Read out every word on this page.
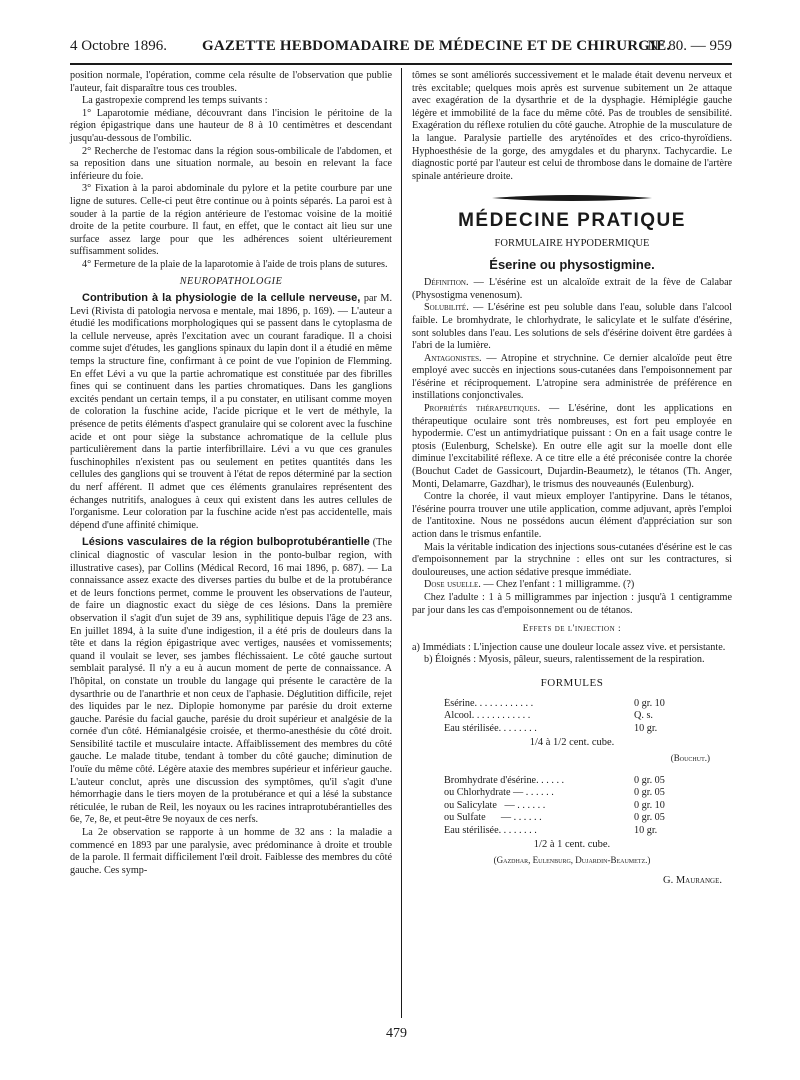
4 Octobre 1896. GAZETTE HEBDOMADAIRE DE MÉDECINE ET DE CHIRURGIE.
N° 80. — 959

position normale, l'opération, comme cela résulte de l'observation que publie l'auteur, fait disparaître tous ces troubles.

La gastropexie comprend les temps suivants :

1° Laparotomie médiane, découvrant dans l'incision le péritoine de la région épigastrique dans une hauteur de 8 à 10 centimètres et descendant jusqu'au-dessous de l'ombilic.

2° Recherche de l'estomac dans la région sous-ombilicale de l'abdomen, et sa reposition dans une situation normale, au besoin en relevant la face inférieure du foie.

3° Fixation à la paroi abdominale du pylore et la petite courbure par une ligne de sutures. Celle-ci peut être continue ou à points séparés. La paroi est à souder à la partie de la région antérieure de l'estomac voisine de la moitié droite de la petite courbure. Il faut, en effet, que le contact ait lieu sur une surface assez large pour que les adhérences soient ultérieurement suffisamment solides.

4° Fermeture de la plaie de la laparotomie à l'aide de trois plans de sutures.

NEUROPATHOLOGIE

Contribution à la physiologie de la cellule nerveuse, par M. Levi (Rivista di patologia nervosa e mentale, mai 1896, p. 169). — L'auteur a étudié les modifications morphologiques qui se passent dans le cytoplasma de la cellule nerveuse, après l'excitation avec un courant faradique. Il a choisi comme sujet d'études, les ganglions spinaux du lapin dont il a étudié en même temps la structure fine, confirmant à ce point de vue l'opinion de Flemming. En effet Lévi a vu que la partie achromatique est constituée par des fibrilles fines qui se continuent dans les parties chromatiques. Dans les ganglions excités pendant un certain temps, il a pu constater, en utilisant comme moyen de coloration la fuschine acide, l'acide picrique et le vert de méthyle, la présence de petits éléments d'aspect granulaire qui se colorent avec la fuschine acide et ont pour siège la substance achromatique de la cellule plus particulièrement dans la partie interfibrillaire. Lévi a vu que ces granules fuschinophiles n'existent pas ou seulement en petites quantités dans les cellules des ganglions qui se trouvent à l'état de repos déterminé par la section du nerf afférent. Il admet que ces éléments granulaires représentent des échanges nutritifs, analogues à ceux qui existent dans les autres cellules de l'organisme. Leur coloration par la fuschine acide n'est pas accidentelle, mais dépend d'une affinité chimique.

Lésions vasculaires de la région bulboprotubérantielle (The clinical diagnostic of vascular lesion in the ponto-bulbar region, with illustrative cases), par Collins (Médical Record, 16 mai 1896, p. 687). — La connaissance assez exacte des diverses parties du bulbe et de la protubérance et de leurs fonctions permet, comme le prouvent les observations de l'auteur, de faire un diagnostic exact du siège de ces lésions. Dans la première observation il s'agit d'un sujet de 39 ans, syphilitique depuis l'âge de 23 ans. En juillet 1894, à la suite d'une indigestion, il a été pris de douleurs dans la tête et dans la région épigastrique avec vertiges, nausées et vomissements; quand il voulait se lever, ses jambes fléchissaient. Le côté gauche surtout semblait paralysé. Il n'y a eu à aucun moment de perte de connaissance. A l'hôpital, on constate un trouble du langage qui présente le caractère de la dysarthrie ou de l'anarthrie et non ceux de l'aphasie. Déglutition difficile, rejet des liquides par le nez. Diplopie homonyme par parésie du droit externe gauche. Parésie du facial gauche, parésie du droit supérieur et analgésie de la cornée d'un côté. Hémianalgésie croisée, et thermo-anesthésie du côté droit. Sensibilité tactile et musculaire intacte. Affaiblissement des membres du côté gauche. Le malade titube, tendant à tomber du côté gauche; diminution de l'ouïe du même côté. Légère ataxie des membres supérieur et inférieur gauche. L'auteur conclut, après une discussion des symptômes, qu'il s'agit d'une hémorrhagie dans le tiers moyen de la protubérance et qui a lésé la substance réticulée, le ruban de Reil, les noyaux ou les racines intraprotubérantielles des 6e, 7e, 8e, et peut-être 9e noyaux de ces nerfs.

La 2e observation se rapporte à un homme de 32 ans : la maladie a commencé en 1893 par une paralysie, avec prédominance à droite et trouble de la parole. Il fermait difficilement l'œil droit. Faiblesse des membres du côté gauche. Ces symp-

tômes se sont améliorés successivement et le malade était devenu nerveux et très excitable; quelques mois après est survenue subitement un 2e attaque avec exagération de la dysarthrie et de la dysphagie. Hémiplégie gauche légère et immobilité de la face du même côté. Pas de troubles de sensibilité. Exagération du réflexe rotulien du côté gauche. Atrophie de la musculature de la langue. Paralysie partielle des aryténoïdes et des crico-thyroïdiens. Hyphoesthésie de la gorge, des amygdales et du pharynx. Tachycardie. Le diagnostic porté par l'auteur est celui de thrombose dans le domaine de l'artère spinale antérieure droite.

MÉDECINE PRATIQUE
FORMULAIRE HYPODERMIQUE
Éserine ou physostigmine.

Définition. — L'ésérine est un alcaloïde extrait de la fève de Calabar (Physostigma venenosum).

Solubilité. — L'ésérine est peu soluble dans l'eau, soluble dans l'alcool faible. Le bromhydrate, le chlorhydrate, le salicylate et le sulfate d'ésérine, sont solubles dans l'eau. Les solutions de sels d'ésérine doivent être gardées à l'abri de la lumière.

Antagonistes. — Atropine et strychnine. Ce dernier alcaloïde peut être employé avec succès en injections sous-cutanées dans l'empoisonnement par l'ésérine et réciproquement. L'atropine sera administrée de préférence en instillations conjonctivales.

Propriétés thérapeutiques. — L'ésérine, dont les applications en thérapeutique oculaire sont très nombreuses, est fort peu employée en hypodermie. C'est un antimydriatique puissant : On en a fait usage contre le ptosis (Eulenburg, Schelske). En outre elle agit sur la moelle dont elle diminue l'excitabilité réflexe. A ce titre elle a été préconisée contre la chorée (Bouchut Cadet de Gassicourt, Dujardin-Beaumetz), le tétanos (Th. Anger, Monti, Delamarre, Gazdhar), le trismus des nouveaunés (Eulenburg).

Contre la chorée, il vaut mieux employer l'antipyrine. Dans le tétanos, l'ésérine pourra trouver une utile application, comme adjuvant, après l'emploi de l'antitoxine. Nous ne possédons aucun élément d'appréciation sur son action dans le trismus enfantile.

Mais la véritable indication des injections sous-cutanées d'ésérine est le cas d'empoisonnement par la strychnine : elles ont sur les contractures, si douloureuses, une action sédative presque immédiate.

Dose usuelle. — Chez l'enfant : 1 milligramme. (?)

Chez l'adulte : 1 à 5 milligrammes par injection : jusqu'à 1 centigramme par jour dans les cas d'empoisonnement ou de tétanos.

Effets de l'injection :

a) Immédiats : L'injection cause une douleur locale assez vive. et persistante.

b) Éloignés : Myosis, pâleur, sueurs, ralentissement de la respiration.

FORMULES
Ésérine. . . . . . . . . . . .	0 gr. 10
Alcool. . . . . . . . . . . .	Q. s.
Eau stérilisée. . . . . . . .	10 gr.
1/4 à 1/2 cent. cube.
(Bouchut.)
Bromhydrate d'ésérine. . . . . .	0 gr. 05
ou Chlorhydrate — . . . . . .	0 gr. 05
ou Salicylate   — . . . . . .	0 gr. 10
ou Sulfate      — . . . . . .	0 gr. 05
Eau stérilisée. . . . . . . .	10 gr.
1/2 à 1 cent. cube.
(Gazdhar, Eulenburg, Dujardin-Beaumetz.)
G. Maurange.
479
